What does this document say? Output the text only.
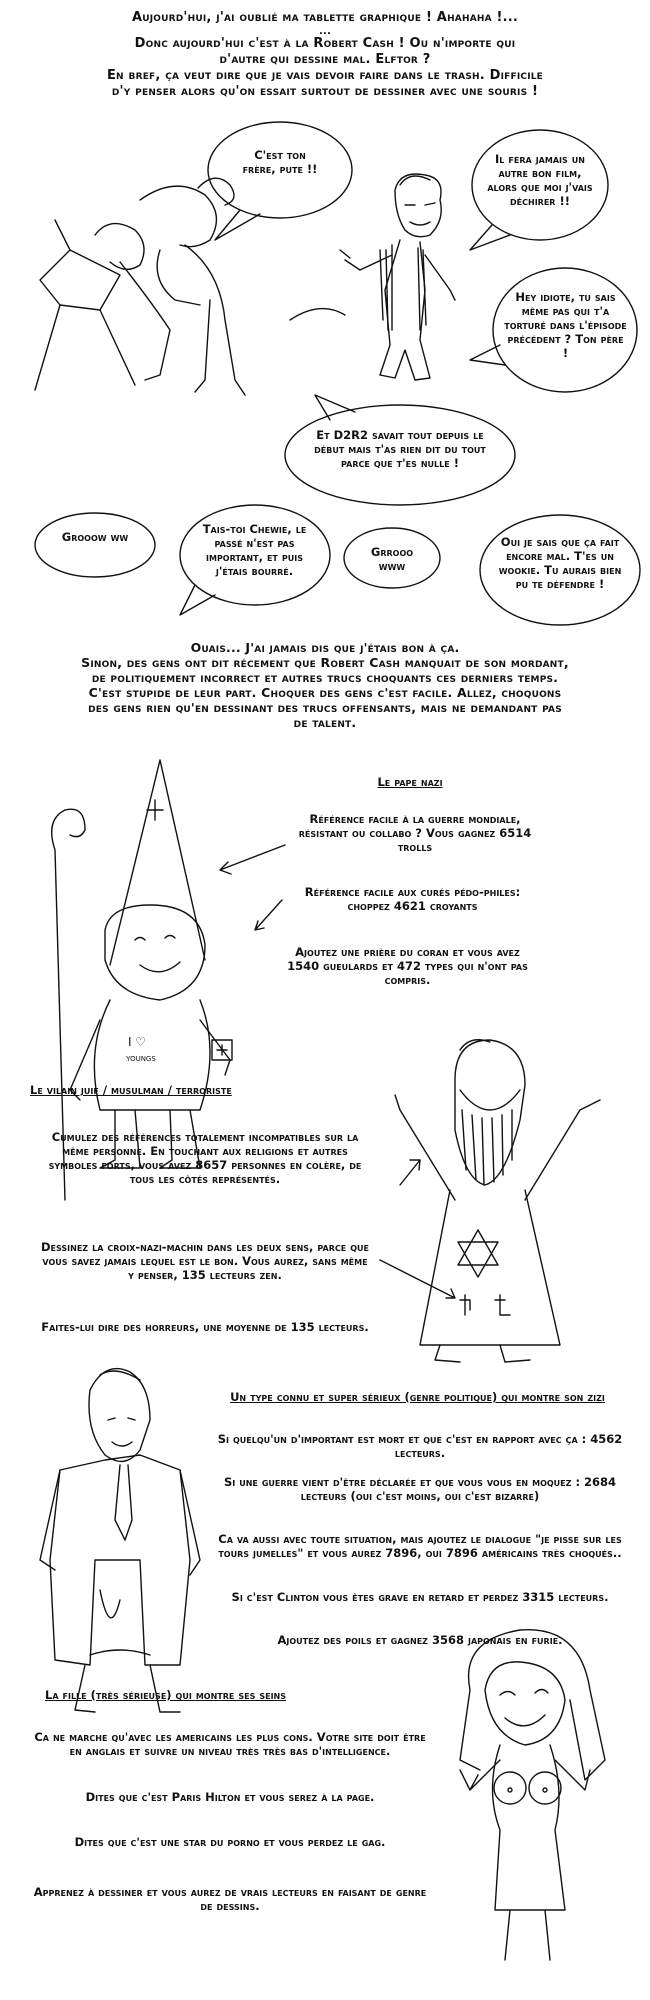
Aujourd'hui, j'ai oublié ma tablette graphique ! Ahahaha !...
...
Donc aujourd'hui c'est à la Robert Cash ! Ou n'importe qui
d'autre qui dessine mal. Elftor ?
En bref, ça veut dire que je vais devoir faire dans le trash. Difficile
d'y penser alors qu'on essait surtout de dessiner avec une souris !
C'est ton frère, pute !!
Il fera jamais un autre bon film, alors que moi j'vais déchirer !!
Hey idiote, tu sais même pas qui t'a torturé dans l'épisode précédent ? Ton père !
Et D2R2 savait tout depuis le début mais t'as rien dit du tout parce que t'es nulle !
Grooow ww
Tais-toi Chewie, le passé n'est pas important, et puis j'étais bourré.
Grrooo www
Oui je sais que ça fait encore mal. T'es un wookie. Tu aurais bien pu te défendre !
Ouais... J'ai jamais dis que j'étais bon à ça.
Sinon, des gens ont dit récement que Robert Cash manquait de son mordant,
de politiquement incorrect et autres trucs choquants ces derniers temps.
C'est stupide de leur part. Choquer des gens c'est facile. Allez, choquons
des gens rien qu'en dessinant des trucs offensants, mais ne demandant pas
de talent.
Le pape nazi
Référence facile à la guerre mondiale, résistant ou collabo ? Vous gagnez 6514 trolls
Référence facile aux curés pédo-philes: choppez 4621 croyants
Ajoutez une prière du coran et vous avez 1540 gueulards et 472 types qui n'ont pas compris.
I ♡
youngs
Le vilain juif / musulman / terroriste
Cumulez des références totalement incompatibles sur la même personne. En touchant aux religions et autres symboles forts, vous avez 8657 personnes en colère, de tous les côtés représentés.
Dessinez la croix-nazi-machin dans les deux sens, parce que vous savez jamais lequel est le bon. Vous aurez, sans même y penser, 135 lecteurs zen.
Faites-lui dire des horreurs, une moyenne de 135 lecteurs.
Un type connu et super sérieux (genre politique) qui montre son zizi
Si quelqu'un d'important est mort et que c'est en rapport avec ça : 4562 lecteurs.
Si une guerre vient d'être déclarée et que vous vous en moquez : 2684 lecteurs (oui c'est moins, oui c'est bizarre)
Ca va aussi avec toute situation, mais ajoutez le dialogue "je pisse sur les tours jumelles" et vous aurez 7896, oui 7896 américains très choqués..
Si c'est Clinton vous êtes grave en retard et perdez 3315 lecteurs.
Ajoutez des poils et gagnez 3568 japonais en furie.
La fille (très sérieuse) qui montre ses seins
Ca ne marche qu'avec les americains les plus cons. Votre site doit être en anglais et suivre un niveau très très bas d'intelligence.
Dites que c'est Paris Hilton et vous serez à la page.
Dites que c'est une star du porno et vous perdez le gag.
Apprenez à dessiner et vous aurez de vrais lecteurs en faisant de genre de dessins.
